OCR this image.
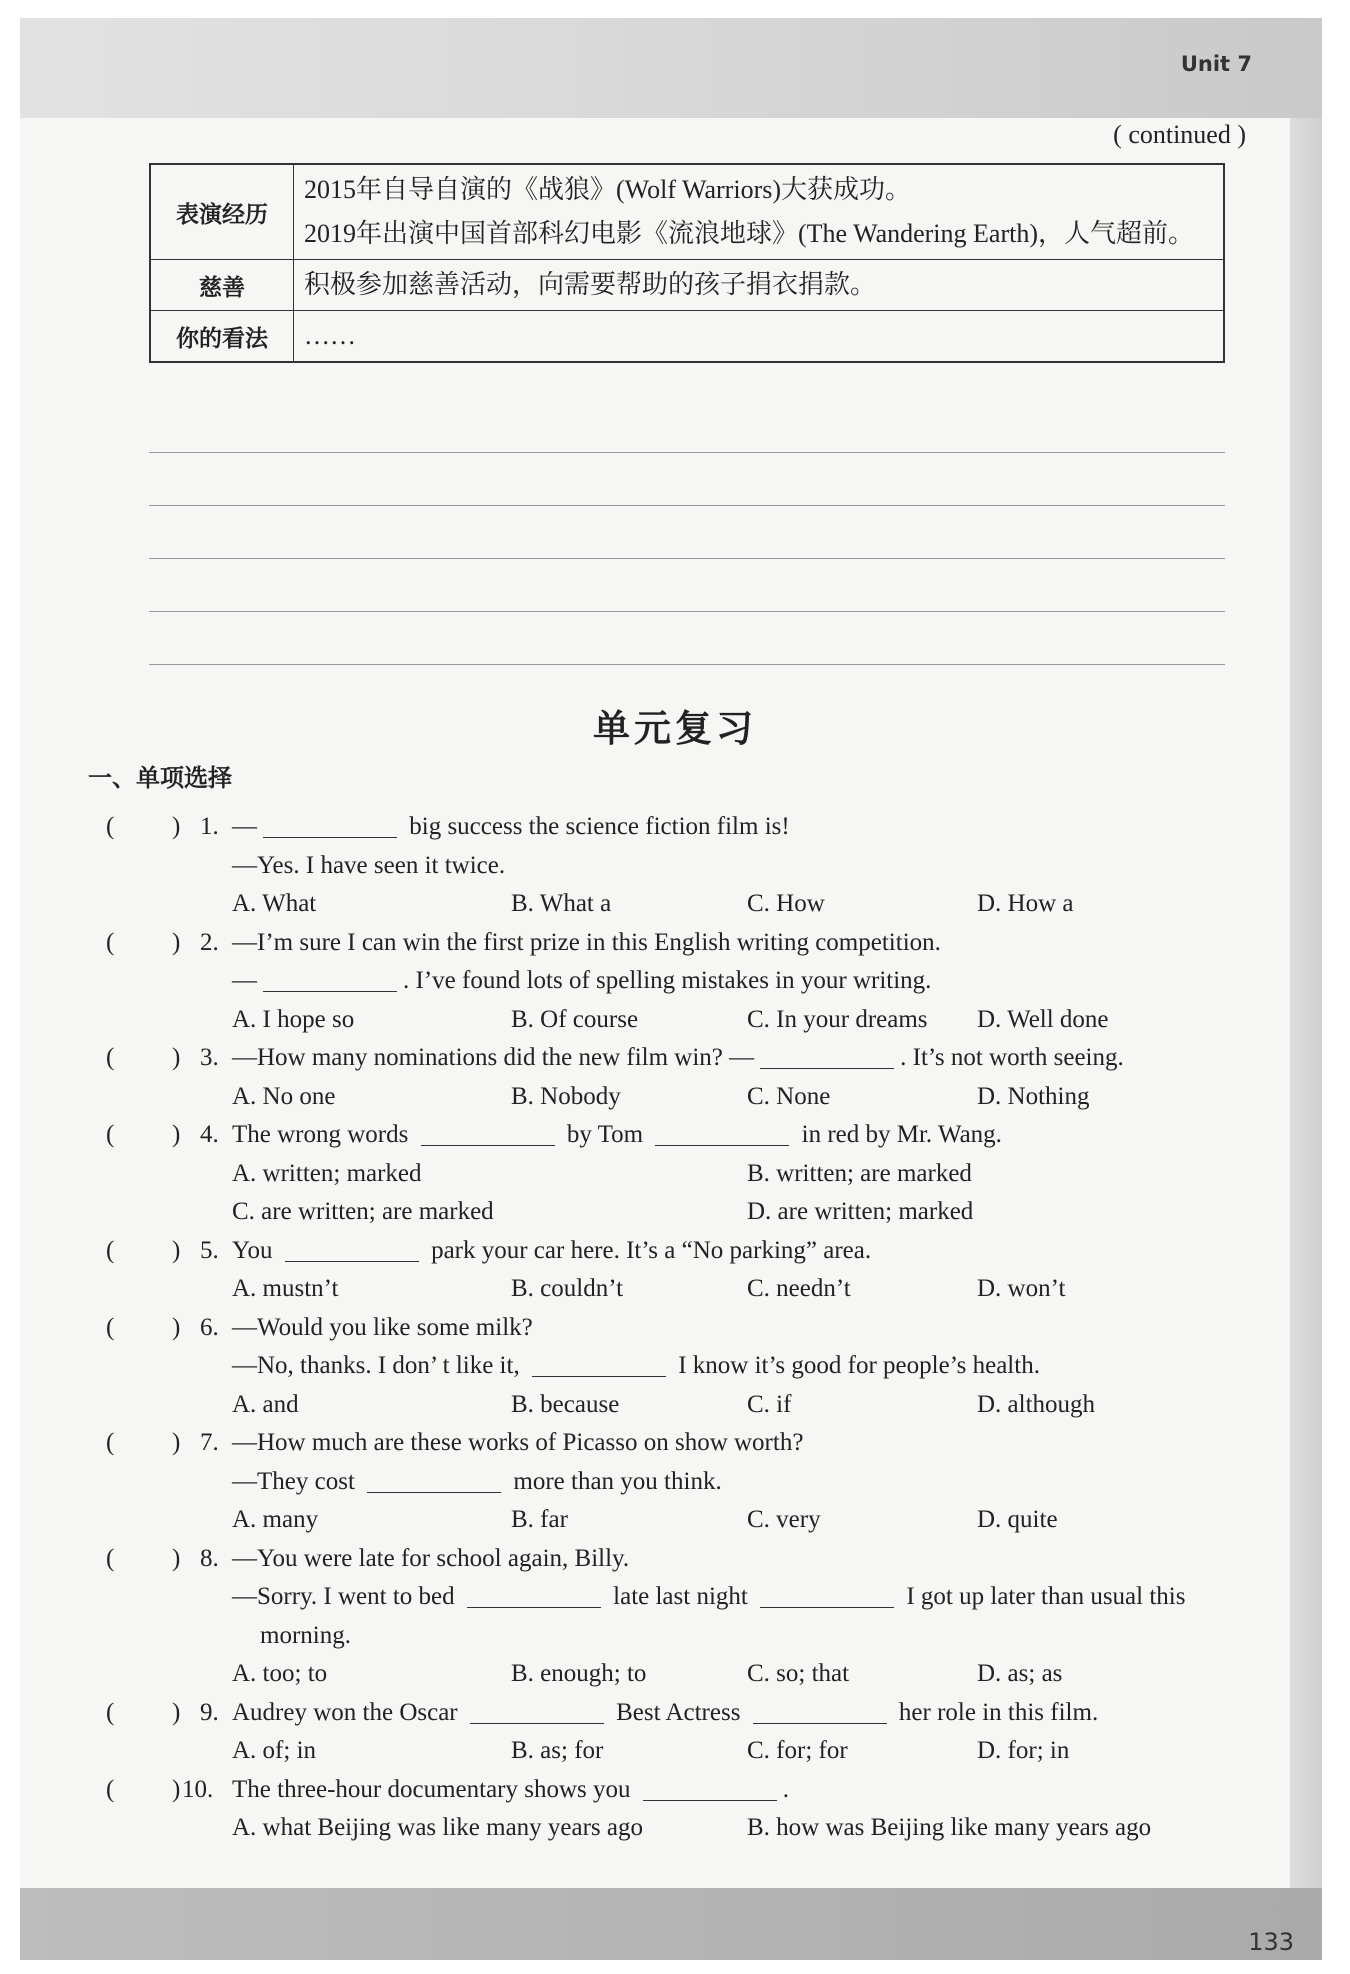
Unit 7
133
( continued )
表演经历	2015年自导自演的《战狼》(Wolf Warriors)大获成功。
2019年出演中国首部科幻电影《流浪地球》(The Wandering Earth)，人气超前。

慈善	积极参加慈善活动，向需要帮助的孩子捐衣捐款。

你的看法	……
单元复习
一、单项选择
( ) 1. —	big success the science fiction film is!
—Yes. I have seen it twice.
A. What	B. What a	C. How	D. How a
( ) 2. —I’m sure I can win the first prize in this English writing competition.
—	. I’ve found lots of spelling mistakes in your writing.
A. I hope so	B. Of course	C. In your dreams D. Well done
( ) 3. —How many nominations did the new film win? —	. It’s not worth seeing.
A. No one	B. Nobody	C. None	D. Nothing
( ) 4. The wrong words	by Tom	in red by Mr. Wang.
A. written; marked	B. written; are marked
C. are written; are marked	D. are written; marked
( ) 5. You	park your car here. It’s a “No parking” area.
A. mustn’t	B. couldn’t	C. needn’t	D. won’t
( ) 6. —Would you like some milk?
—No, thanks. I don’ t like it,	I know it’s good for people’s health.
A. and	B. because	C. if	D. although
( ) 7. —How much are these works of Picasso on show worth?
—They cost	more than you think.
A. many	B. far	C. very	D. quite
( ) 8. —You were late for school again, Billy.
—Sorry. I went to bed	late last night	I got up later than usual this
morning.
A. too; to	B. enough; to	C. so; that	D. as; as
( ) 9. Audrey won the Oscar	Best Actress	her role in this film.
A. of; in	B. as; for	C. for; for	D. for; in
( ) 10. The three-hour documentary shows you	.
A. what Beijing was like many years ago	B. how was Beijing like many years ago
